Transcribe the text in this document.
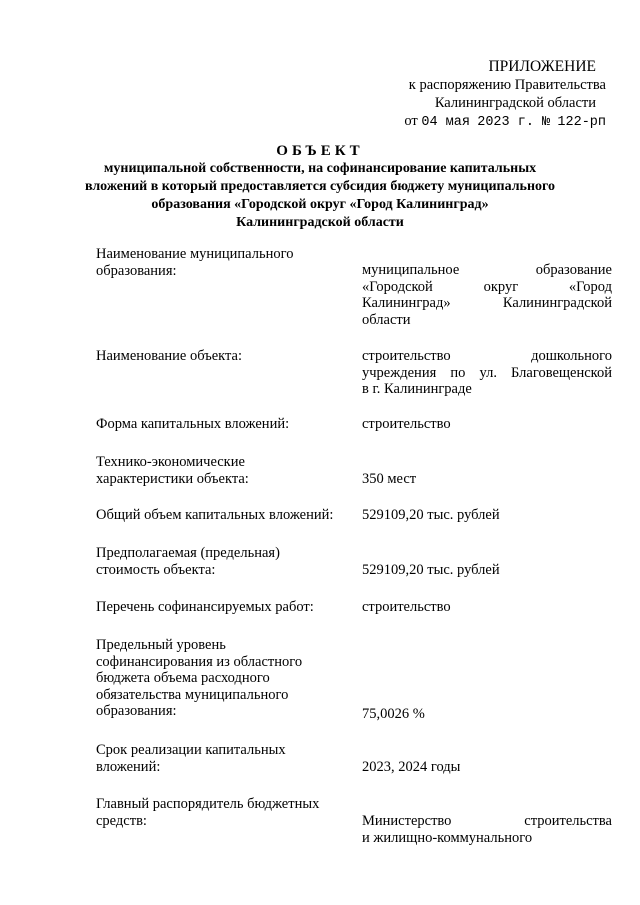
ПРИЛОЖЕНИЕ
к распоряжению Правительства
Калининградской области
от 04 мая 2023 г. № 122-рп
ОБЪЕКТ
муниципальной собственности, на софинансирование капитальных
вложений в который предоставляется субсидия бюджету муниципального
образования «Городской округ «Город Калининград»
Калининградской области
Наименование муниципального
образования:	муниципальное образование
«Городской округ «Город
Калининград» Калининградской
области
Наименование объекта:	строительство дошкольного
учреждения по ул. Благовещенской
в г. Калининграде
Форма капитальных вложений:	строительство
Технико-экономические
характеристики объекта:	350 мест
Общий объем капитальных вложений:	529109,20 тыс. рублей
Предполагаемая (предельная)
стоимость объекта:	529109,20 тыс. рублей
Перечень софинансируемых работ:	строительство
Предельный уровень
софинансирования из областного
бюджета объема расходного
обязательства муниципального
образования:	75,0026 %
Срок реализации капитальных
вложений:	2023, 2024 годы
Главный распорядитель бюджетных
средств:	Министерство строительства
и жилищно-коммунального
